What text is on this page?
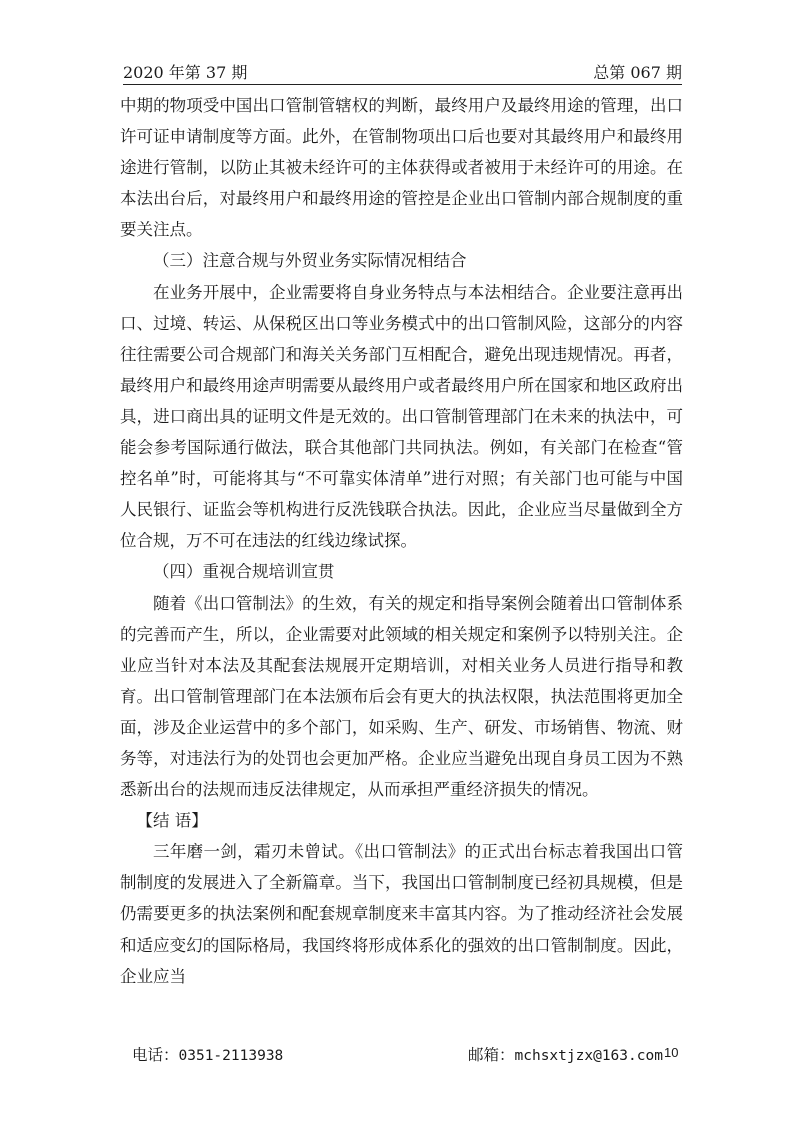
2020 年第 37 期	总第 067 期

中期的物项受中国出口管制管辖权的判断，最终用户及最终用途的管理，出口许可证申请制度等方面。此外，在管制物项出口后也要对其最终用户和最终用途进行管制，以防止其被未经许可的主体获得或者被用于未经许可的用途。在本法出台后，对最终用户和最终用途的管控是企业出口管制内部合规制度的重要关注点。

（三）注意合规与外贸业务实际情况相结合

在业务开展中，企业需要将自身业务特点与本法相结合。企业要注意再出口、过境、转运、从保税区出口等业务模式中的出口管制风险，这部分的内容往往需要公司合规部门和海关关务部门互相配合，避免出现违规情况。再者，最终用户和最终用途声明需要从最终用户或者最终用户所在国家和地区政府出具，进口商出具的证明文件是无效的。出口管制管理部门在未来的执法中，可能会参考国际通行做法，联合其他部门共同执法。例如，有关部门在检查“管控名单”时，可能将其与“不可靠实体清单”进行对照；有关部门也可能与中国人民银行、证监会等机构进行反洗钱联合执法。因此，企业应当尽量做到全方位合规，万不可在违法的红线边缘试探。

（四）重视合规培训宣贯

随着《出口管制法》的生效，有关的规定和指导案例会随着出口管制体系的完善而产生，所以，企业需要对此领域的相关规定和案例予以特别关注。企业应当针对本法及其配套法规展开定期培训，对相关业务人员进行指导和教育。出口管制管理部门在本法颁布后会有更大的执法权限，执法范围将更加全面，涉及企业运营中的多个部门，如采购、生产、研发、市场销售、物流、财务等，对违法行为的处罚也会更加严格。企业应当避免出现自身员工因为不熟悉新出台的法规而违反法律规定，从而承担严重经济损失的情况。

【结 语】

三年磨一剑，霜刃未曾试。《出口管制法》的正式出台标志着我国出口管制制度的发展进入了全新篇章。当下，我国出口管制制度已经初具规模，但是仍需要更多的执法案例和配套规章制度来丰富其内容。为了推动经济社会发展和适应变幻的国际格局，我国终将形成体系化的强效的出口管制制度。因此，企业应当

电话：0351-2113938	邮箱：mchsxtjzx@163.com 10
